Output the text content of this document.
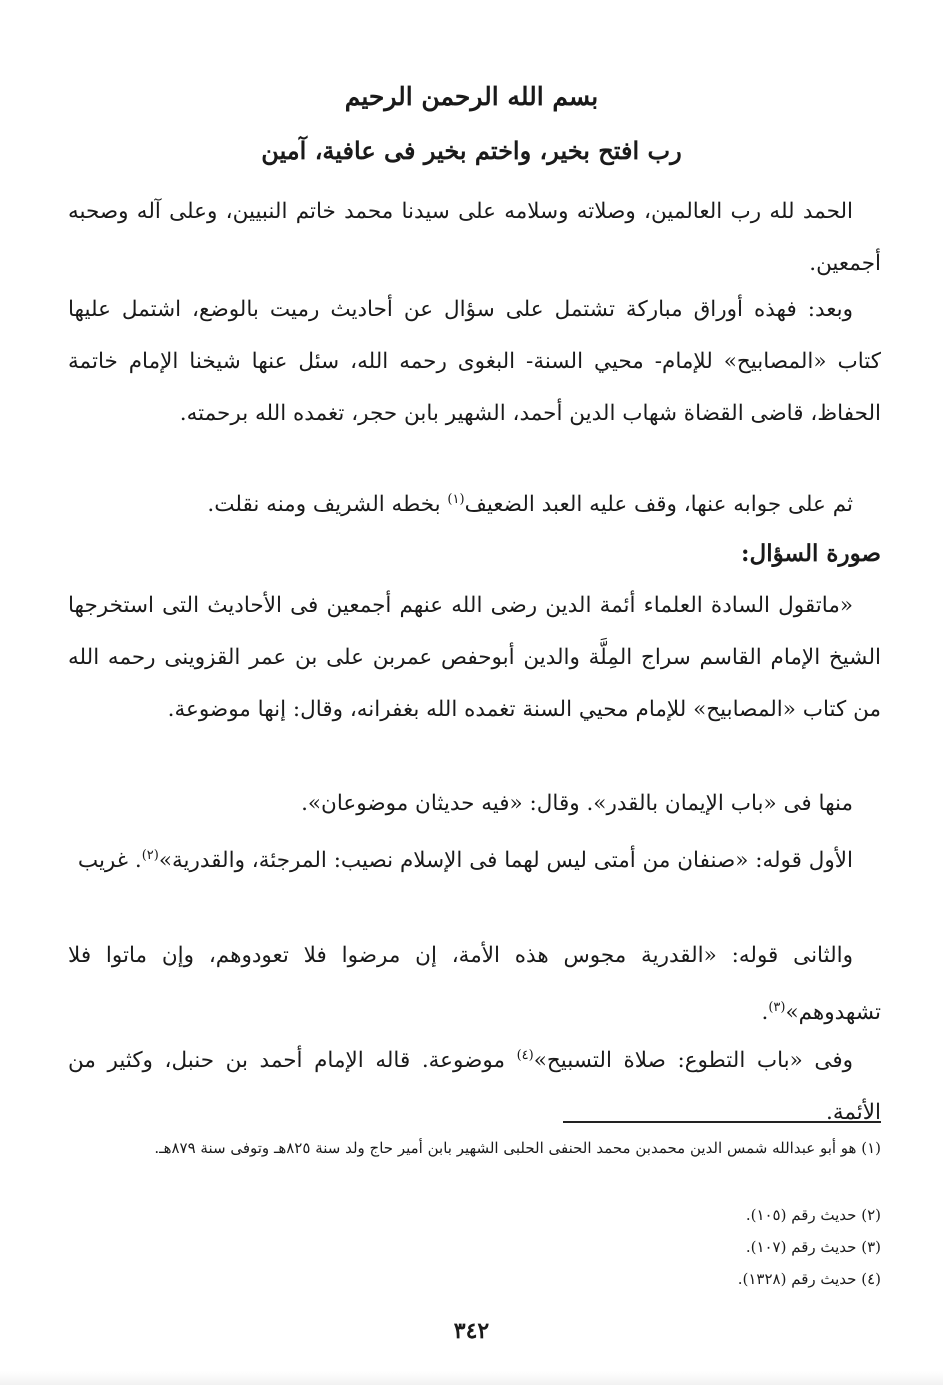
بسم الله الرحمن الرحيم
رب افتح بخير، واختم بخير فى عافية، آمين

الحمد لله رب العالمين، وصلاته وسلامه على سيدنا محمد خاتم النبيين، وعلى آله وصحبه أجمعين.

وبعد: فهذه أوراق مباركة تشتمل على سؤال عن أحاديث رميت بالوضع، اشتمل عليها كتاب «المصابيح» للإمام- محيي السنة- البغوى رحمه الله، سئل عنها شيخنا الإمام خاتمة الحفاظ، قاضى القضاة شهاب الدين أحمد، الشهير بابن حجر، تغمده الله برحمته.

ثم على جوابه عنها، وقف عليه العبد الضعيف$^{(١)}$ بخطه الشريف ومنه نقلت.

صورة السؤال:

«ماتقول السادة العلماء أئمة الدين رضى الله عنهم أجمعين فى الأحاديث التى استخرجها الشيخ الإمام القاسم سراج المِلَّة والدين أبوحفص عمربن على بن عمر القزوينى رحمه الله من كتاب «المصابيح» للإمام محيي السنة تغمده الله بغفرانه، وقال: إنها موضوعة.

منها فى «باب الإيمان بالقدر». وقال: «فيه حديثان موضوعان».

الأول قوله: «صنفان من أمتى ليس لهما فى الإسلام نصيب: المرجئة، والقدرية»$^{(٢)}$. غريب

والثانى قوله: «القدرية مجوس هذه الأمة، إن مرضوا فلا تعودوهم، وإن ماتوا فلا تشهدوهم»$^{(٣)}$.

وفى «باب التطوع: صلاة التسبيح»$^{(٤)}$ موضوعة. قاله الإمام أحمد بن حنبل، وكثير من الأئمة.

(١) هو أبو عبدالله شمس الدين محمدبن محمد الحنفى الحلبى الشهير بابن أمير حاج ولد سنة ٨٢٥هـ وتوفى سنة ٨٧٩هـ.

(٢) حديث رقم (١٠٥).
(٣) حديث رقم (١٠٧).
(٤) حديث رقم (١٣٢٨).
٣٤٢
